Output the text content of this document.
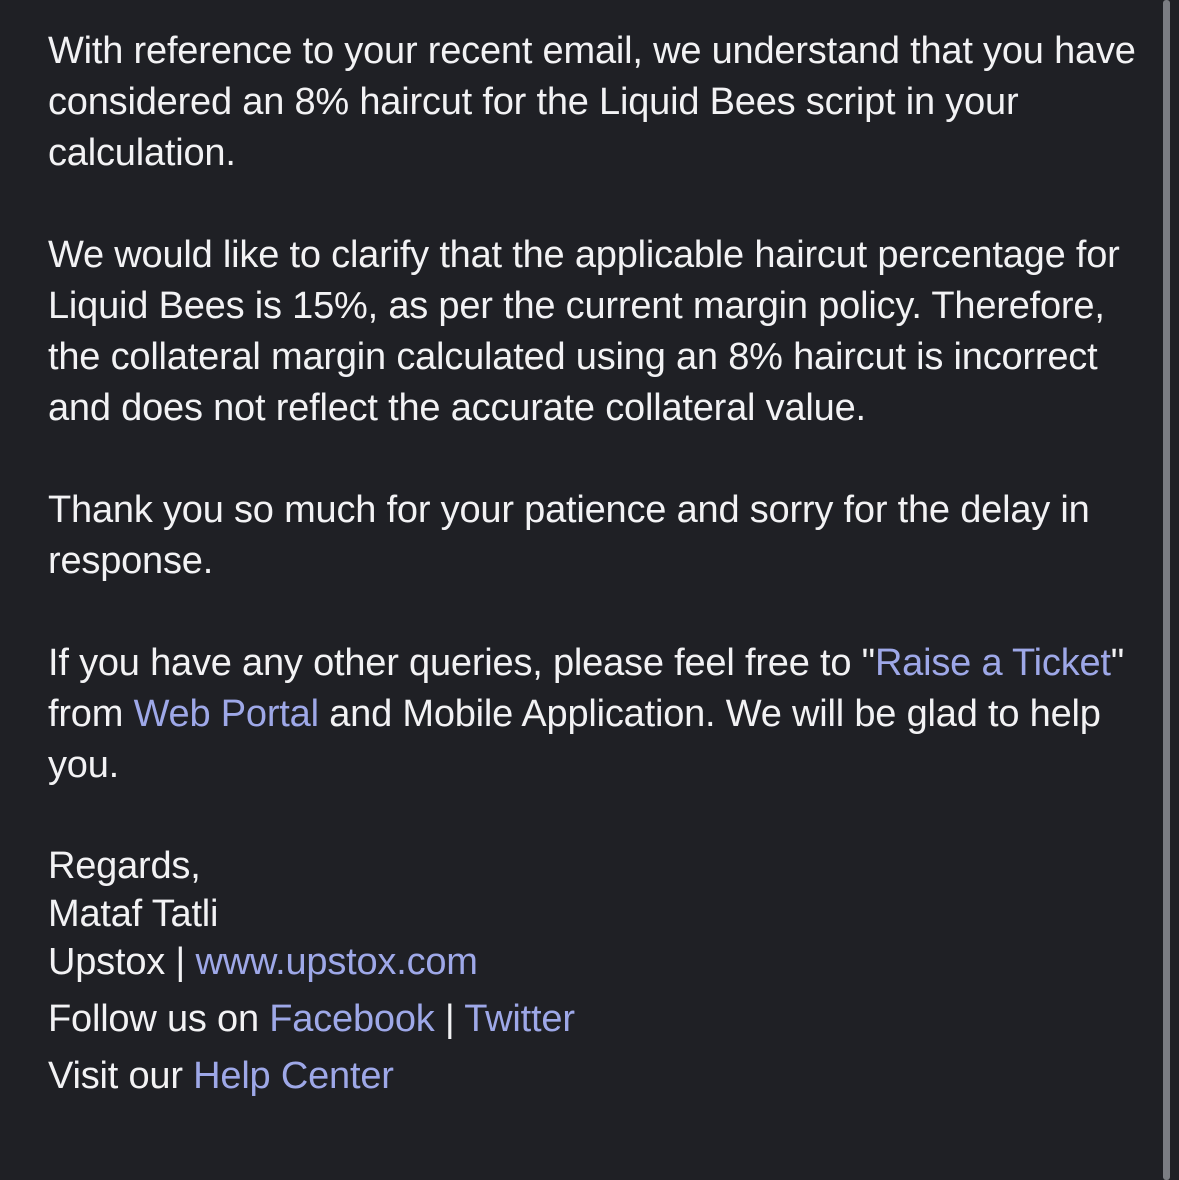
With reference to your recent email, we understand that you have considered an 8% haircut for the Liquid Bees script in your calculation.

We would like to clarify that the applicable haircut percentage for Liquid Bees is 15%, as per the current margin policy. Therefore, the collateral margin calculated using an 8% haircut is incorrect and does not reflect the accurate collateral value.

Thank you so much for your patience and sorry for the delay in response.

If you have any other queries, please feel free to "Raise a Ticket" from Web Portal and Mobile Application. We will be glad to help you.

Regards,

Mataf Tatli

Upstox | www.upstox.com

Follow us on Facebook | Twitter

Visit our Help Center
